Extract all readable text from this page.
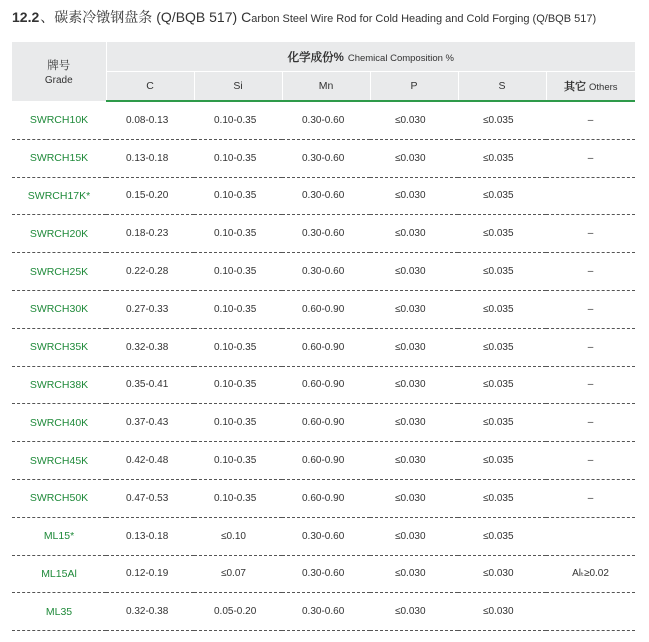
12.2 、碳素冷镦钢盘条 (Q/BQB 517) Carbon Steel Wire Rod for Cold Heading and Cold Forging (Q/BQB 517)
牌号
Grade	化学成份% Chemical Composition %					
	C	Si	Mn	P	S	其它 Others
SWRCH10K	0.08-0.13	0.10-0.35	0.30-0.60	≤0.030	≤0.035	–
SWRCH15K	0.13-0.18	0.10-0.35	0.30-0.60	≤0.030	≤0.035	–
SWRCH17K*	0.15-0.20	0.10-0.35	0.30-0.60	≤0.030	≤0.035	
SWRCH20K	0.18-0.23	0.10-0.35	0.30-0.60	≤0.030	≤0.035	–
SWRCH25K	0.22-0.28	0.10-0.35	0.30-0.60	≤0.030	≤0.035	–
SWRCH30K	0.27-0.33	0.10-0.35	0.60-0.90	≤0.030	≤0.035	–
SWRCH35K	0.32-0.38	0.10-0.35	0.60-0.90	≤0.030	≤0.035	–
SWRCH38K	0.35-0.41	0.10-0.35	0.60-0.90	≤0.030	≤0.035	–
SWRCH40K	0.37-0.43	0.10-0.35	0.60-0.90	≤0.030	≤0.035	–
SWRCH45K	0.42-0.48	0.10-0.35	0.60-0.90	≤0.030	≤0.035	–
SWRCH50K	0.47-0.53	0.10-0.35	0.60-0.90	≤0.030	≤0.035	–
ML15*	0.13-0.18	≤0.10	0.30-0.60	≤0.030	≤0.035	
ML15Al	0.12-0.19	≤0.07	0.30-0.60	≤0.030	≤0.030	Alₜ≥0.02
ML35	0.32-0.38	0.05-0.20	0.30-0.60	≤0.030	≤0.030	
